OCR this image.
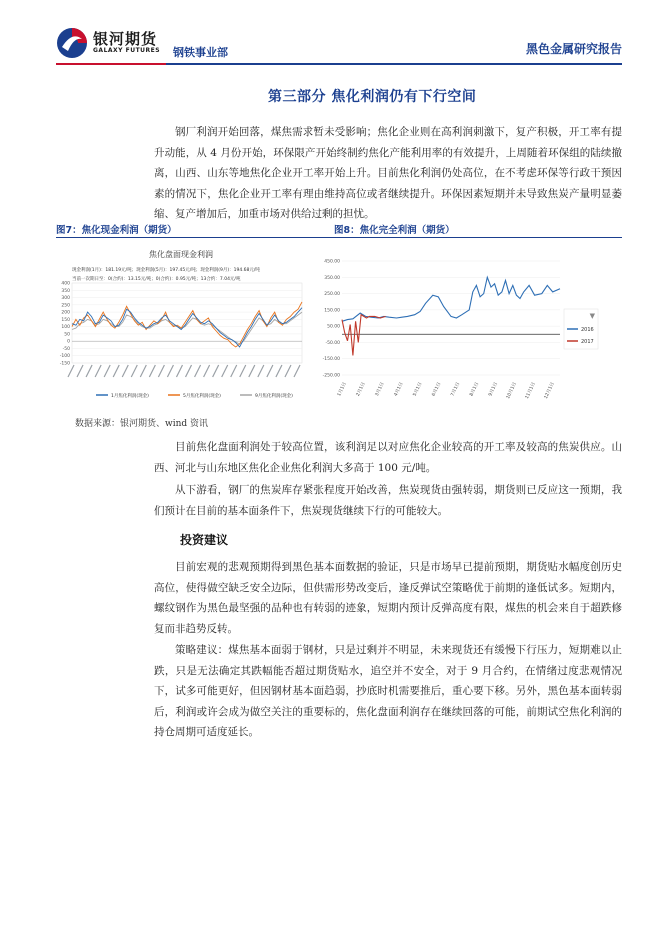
银河期货
GALAXY FUTURES 钢铁事业部	黑色金属研究报告
第三部分 焦化利润仍有下行空间

钢厂利润开始回落，煤焦需求暂未受影响；焦化企业则在高利润刺激下，复产积极，开工率有提升动能，从 4 月份开始，环保限产开始终制约焦化产能利用率的有效提升，上周随着环保组的陆续撤离，山西、山东等地焦化企业开工率开始上升。目前焦化利润仍处高位，在不考虑环保等行政干预因素的情况下，焦化企业开工率有理由维持高位或者继续提升。环保因素短期并未导致焦炭产量明显萎缩、复产增加后，加重市场对供给过剩的担忧。

图7：焦化现金利润（期货）	图8：焦化完全利润（期货）
焦化盘面现金利润
现金利润(1月)：181.19元/吨；现金利润(5月)：197.45元/吨；现金利润(9月)：194.68元/吨
当前一次期日至：0(合约)：13.15元/吨；0(合约)：0.95元/吨；13合约：7.04元/吨
400
350
300
250
200
150
100
50
0
-50
-100
-150
1月焦化利润(现金)	5月焦化利润(现金)	9月焦化利润(现金)
450.00
350.00
250.00
150.00
50.00
-50.00
-150.00
-250.00
1月1日	2月1日	3月1日	4月1日	5月1日	6月1日	7月1日	8月1日	9月1日	10月1日	11月1日	12月1日
▼
2016
2017
数据来源：银河期货、wind 资讯

目前焦化盘面利润处于较高位置，该利润足以对应焦化企业较高的开工率及较高的焦炭供应。山西、河北与山东地区焦化企业焦化利润大多高于 100 元/吨。

从下游看，钢厂的焦炭库存紧张程度开始改善，焦炭现货由强转弱，期货则已反应这一预期，我们预计在目前的基本面条件下，焦炭现货继续下行的可能较大。

投资建议

目前宏观的悲观预期得到黑色基本面数据的验证，只是市场早已提前预期，期货贴水幅度创历史高位，使得做空缺乏安全边际，但供需形势改变后，逢反弹试空策略优于前期的逢低试多。短期内，螺纹钢作为黑色最坚强的品种也有转弱的迹象，短期内预计反弹高度有限，煤焦的机会来自于超跌修复而非趋势反转。

策略建议：煤焦基本面弱于钢材，只是过剩并不明显，未来现货还有缓慢下行压力，短期难以止跌，只是无法确定其跌幅能否超过期货贴水，追空并不安全，对于 9 月合约，在情绪过度悲观情况下，试多可能更好，但因钢材基本面趋弱，抄底时机需要推后，重心要下移。另外，黑色基本面转弱后，利润或许会成为做空关注的重要标的，焦化盘面利润存在继续回落的可能，前期试空焦化利润的持仓周期可适度延长。
